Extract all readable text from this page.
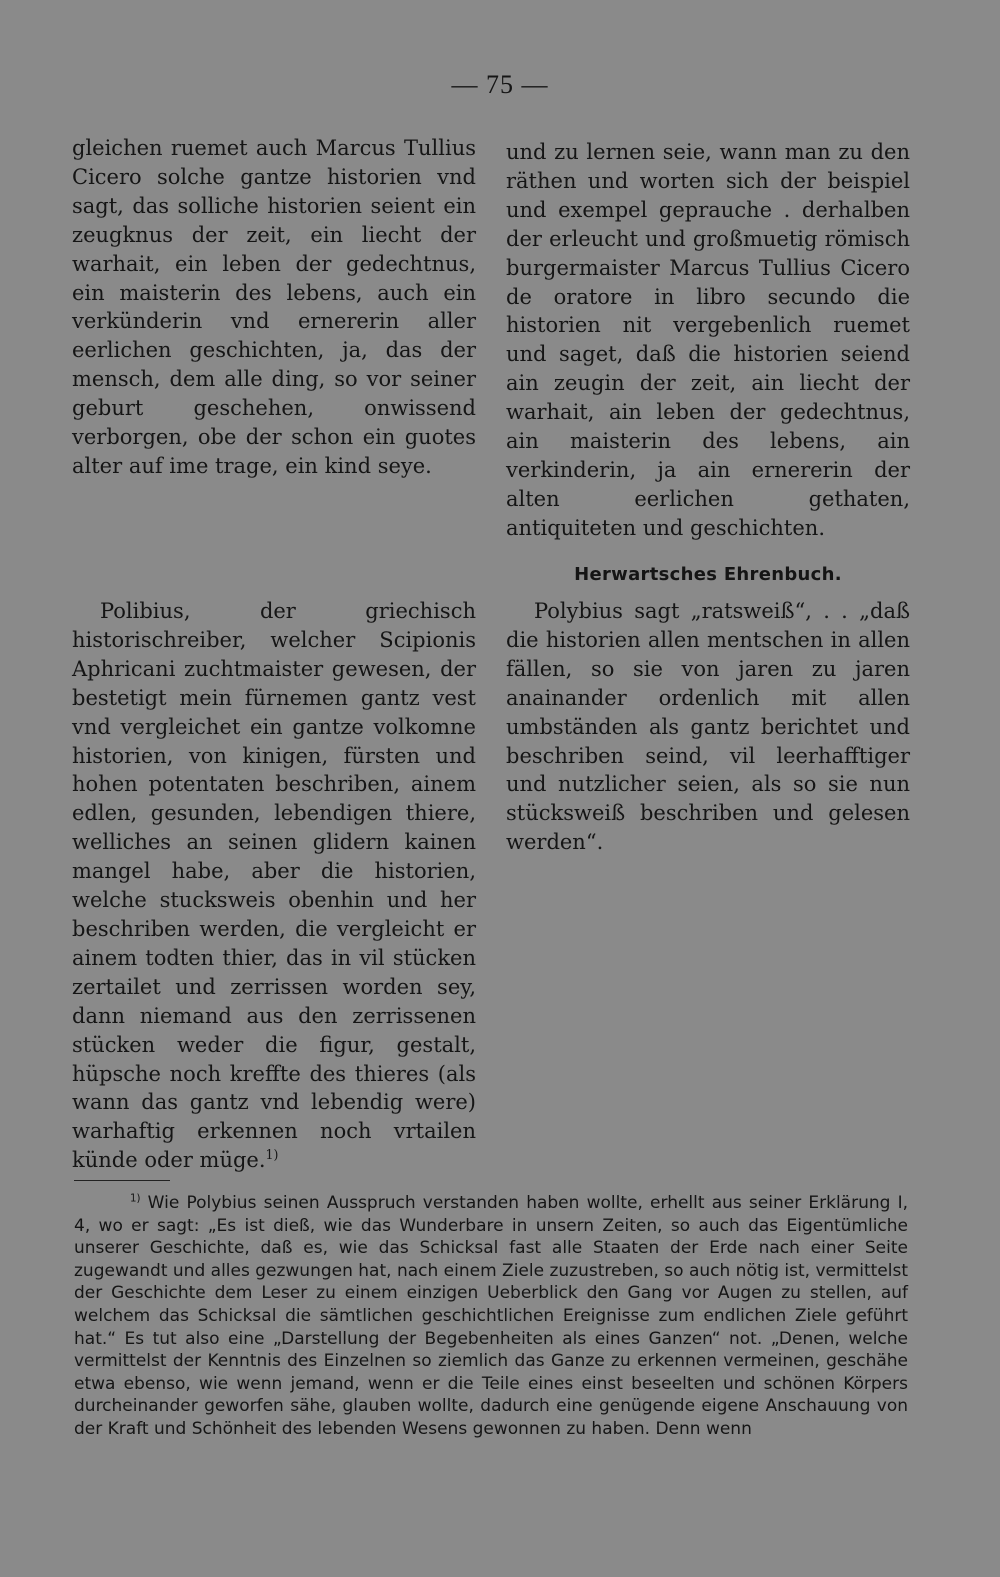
— 75 —
gleichen ruemet auch Marcus Tullius Cicero solche gantze historien vnd sagt, das solliche historien seient ein zeugknus der zeit, ein liecht der warhait, ein leben der gedechtnus, ein maisterin des lebens, auch ein verkünderin vnd ernererin aller eerlichen geschichten, ja, das der mensch, dem alle ding, so vor seiner geburt geschehen, onwissend verborgen, obe der schon ein guotes alter auf ime trage, ein kind seye.
Polibius, der griechisch historischreiber, welcher Scipionis Aphricani zuchtmaister gewesen, der bestetigt mein fürnemen gantz vest vnd vergleichet ein gantze volkomne historien, von kinigen, fürsten und hohen potentaten beschriben, ainem edlen, gesunden, lebendigen thiere, welliches an seinen glidern kainen mangel habe, aber die historien, welche stucksweis obenhin und her beschriben werden, die vergleicht er ainem todten thier, das in vil stücken zertailet und zerrissen worden sey, dann niemand aus den zerrissenen stücken weder die figur, gestalt, hüpsche noch kreffte des thieres (als wann das gantz vnd lebendig were) warhaftig erkennen noch vrtailen künde oder müge.$^{1)}$
und zu lernen seie, wann man zu den räthen und worten sich der beispiel und exempel geprauche . derhalben der erleucht und großmuetig römisch burgermaister Marcus Tullius Cicero de oratore in libro secundo die historien nit vergebenlich ruemet und saget, daß die historien seiend ain zeugin der zeit, ain liecht der warhait, ain leben der gedechtnus, ain maisterin des lebens, ain verkinderin, ja ain ernererin der alten eerlichen gethaten, antiquiteten und geschichten.
Herwartsches Ehrenbuch.
Polybius sagt „ratsweiß“, . . „daß die historien allen mentschen in allen fällen, so sie von jaren zu jaren anainander ordenlich mit allen umbständen als gantz berichtet und beschriben seind, vil leerhafftiger und nutzlicher seien, als so sie nun stücksweiß beschriben und gelesen werden“.
$^{1)}$ Wie Polybius seinen Ausspruch verstanden haben wollte, erhellt aus seiner Erklärung I, 4, wo er sagt: „Es ist dieß, wie das Wunderbare in unsern Zeiten, so auch das Eigentümliche unserer Geschichte, daß es, wie das Schicksal fast alle Staaten der Erde nach einer Seite zugewandt und alles gezwungen hat, nach einem Ziele zuzustreben, so auch nötig ist, vermittelst der Geschichte dem Leser zu einem einzigen Ueberblick den Gang vor Augen zu stellen, auf welchem das Schicksal die sämtlichen geschichtlichen Ereignisse zum endlichen Ziele geführt hat.“ Es tut also eine „Darstellung der Begebenheiten als eines Ganzen“ not. „Denen, welche vermittelst der Kenntnis des Einzelnen so ziemlich das Ganze zu erkennen vermeinen, geschähe etwa ebenso, wie wenn jemand, wenn er die Teile eines einst beseelten und schönen Körpers durcheinander geworfen sähe, glauben wollte, dadurch eine genügende eigene Anschauung von der Kraft und Schönheit des lebenden Wesens gewonnen zu haben. Denn wenn
